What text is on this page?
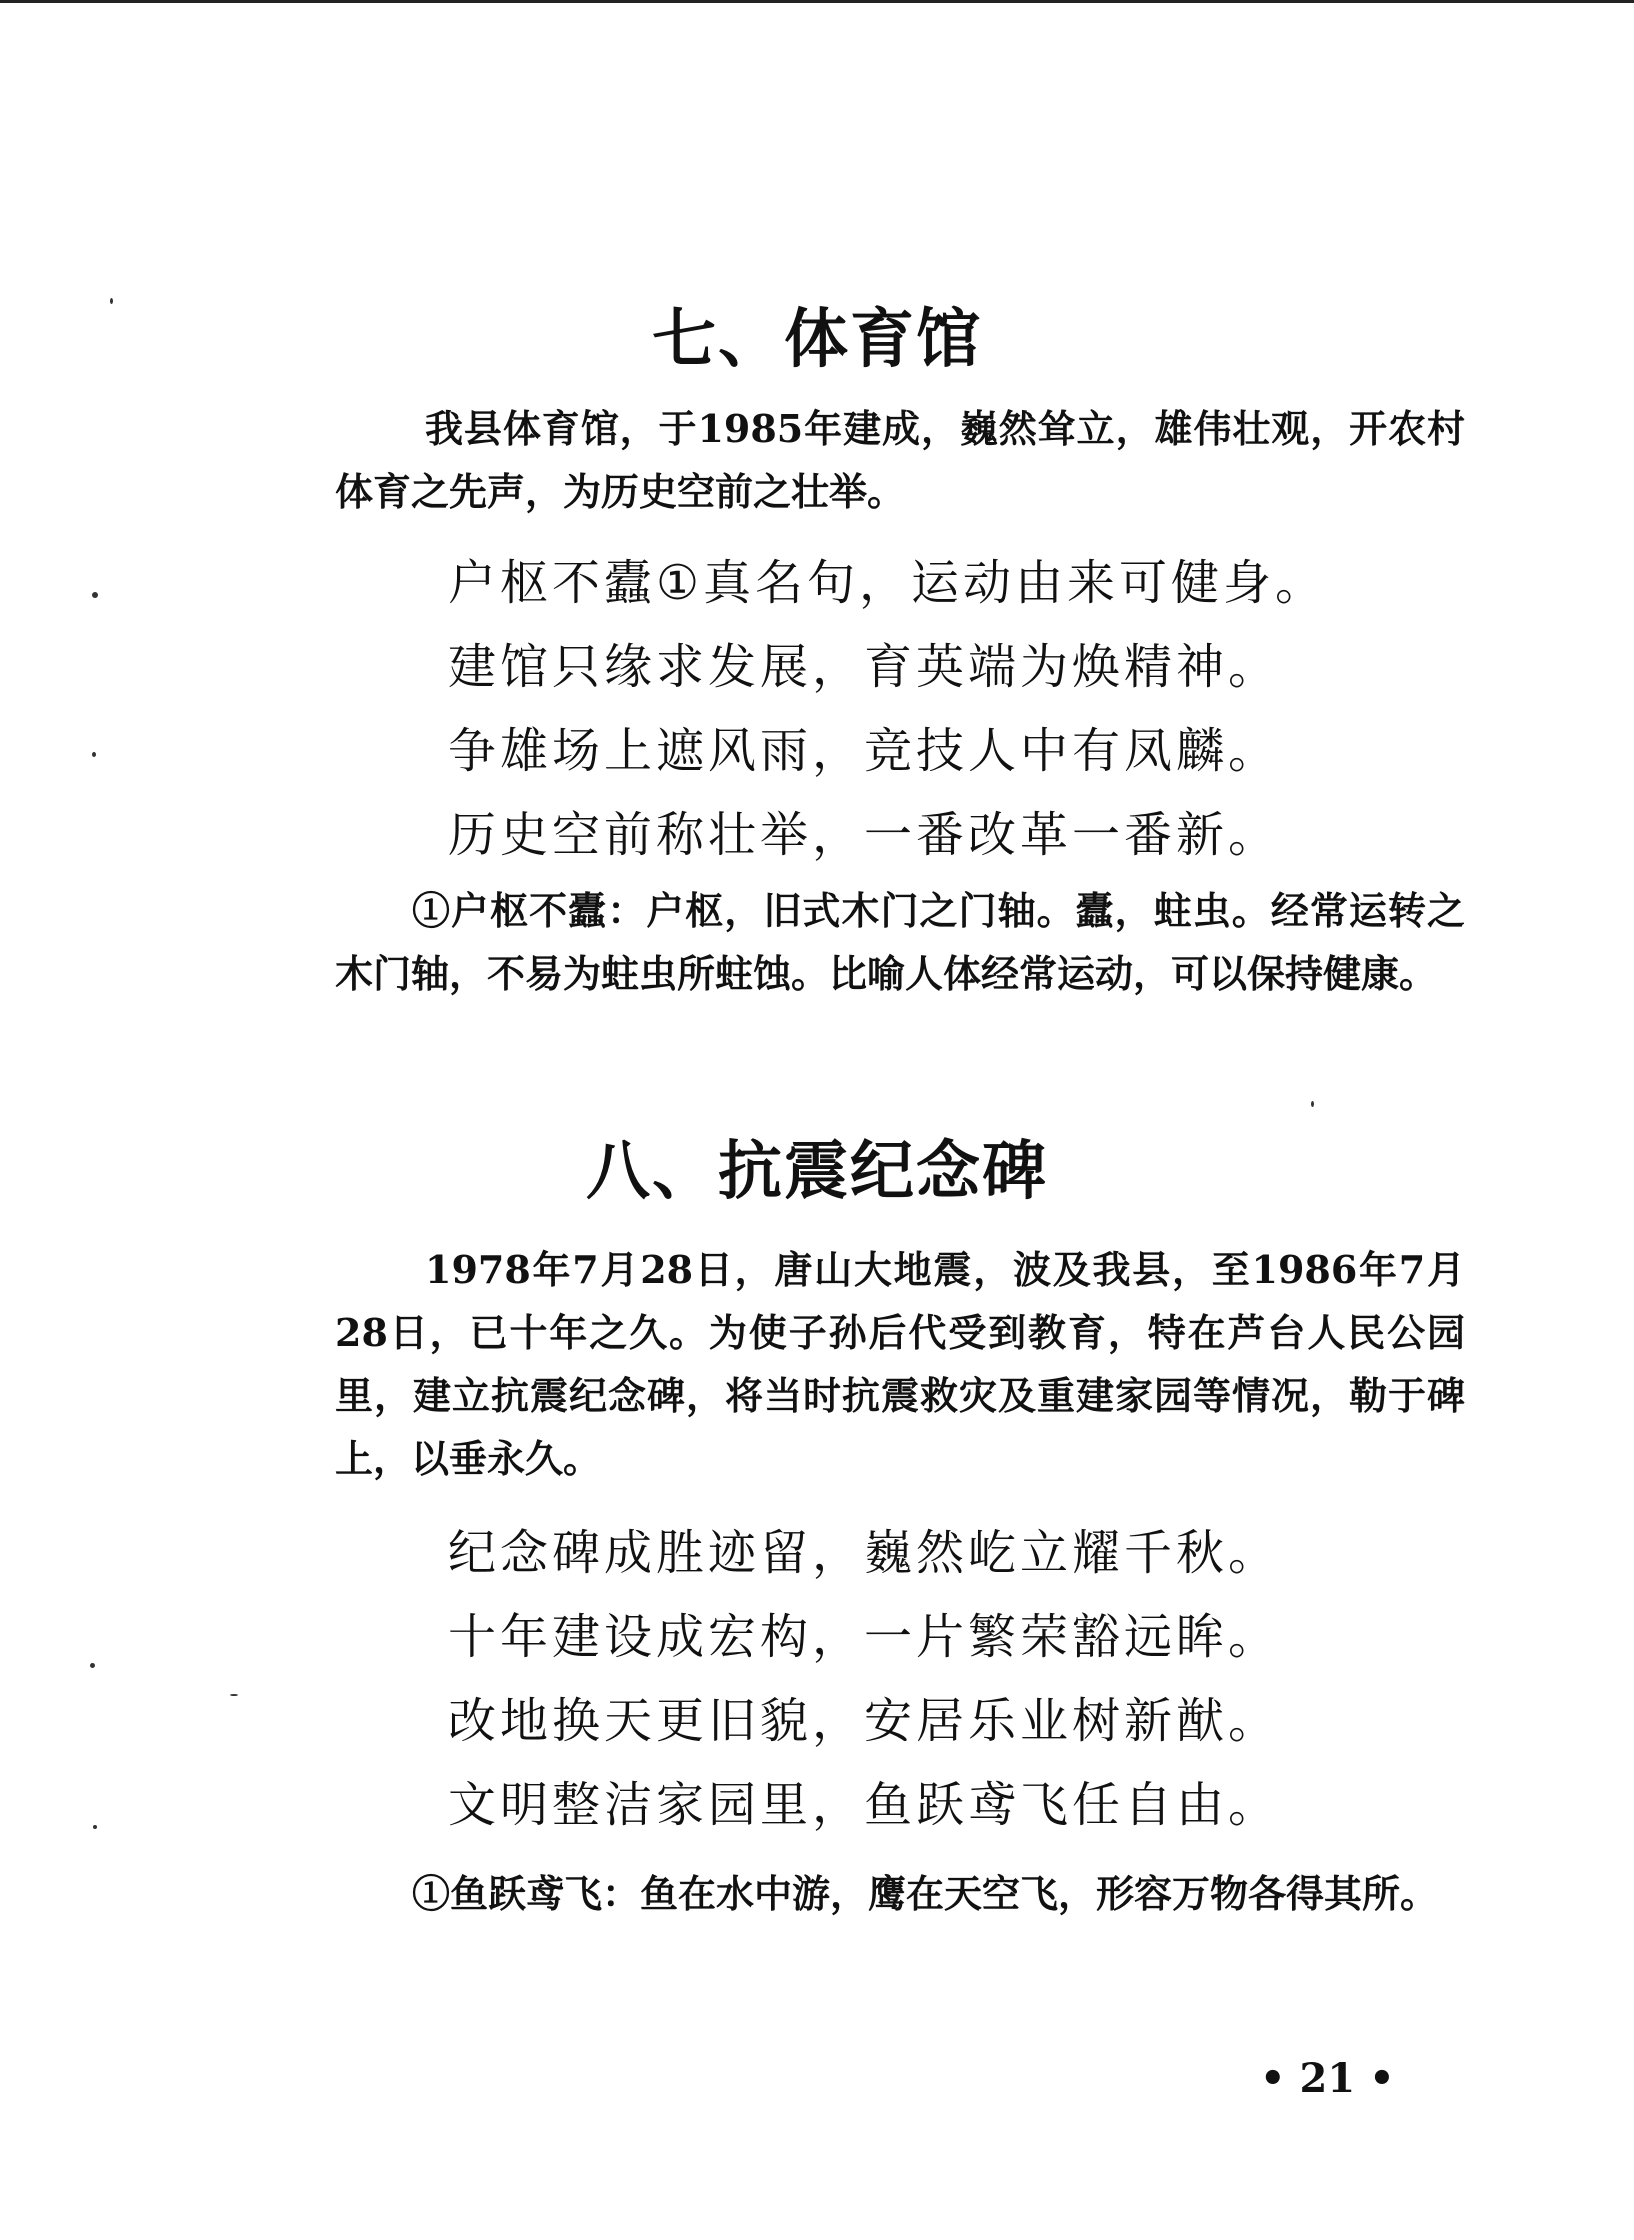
七、体育馆

我县体育馆，于1985年建成，巍然耸立，雄伟壮观，开农村体育之先声，为历史空前之壮举。

户枢不蠹①真名句，运动由来可健身。
建馆只缘求发展，育英端为焕精神。
争雄场上遮风雨，竞技人中有凤麟。
历史空前称壮举，一番改革一番新。

①户枢不蠹：户枢，旧式木门之门轴。蠹，蛀虫。经常运转之木门轴，不易为蛀虫所蛀蚀。比喻人体经常运动，可以保持健康。

八、抗震纪念碑

1978年7月28日，唐山大地震，波及我县，至1986年7月28日，已十年之久。为使子孙后代受到教育，特在芦台人民公园里，建立抗震纪念碑，将当时抗震救灾及重建家园等情况，勒于碑上，以垂永久。

纪念碑成胜迹留，巍然屹立耀千秋。
十年建设成宏构，一片繁荣豁远眸。
改地换天更旧貌，安居乐业树新猷。
文明整洁家园里，鱼跃鸢飞任自由。

①鱼跃鸢飞：鱼在水中游，鹰在天空飞，形容万物各得其所。

• 21 •
